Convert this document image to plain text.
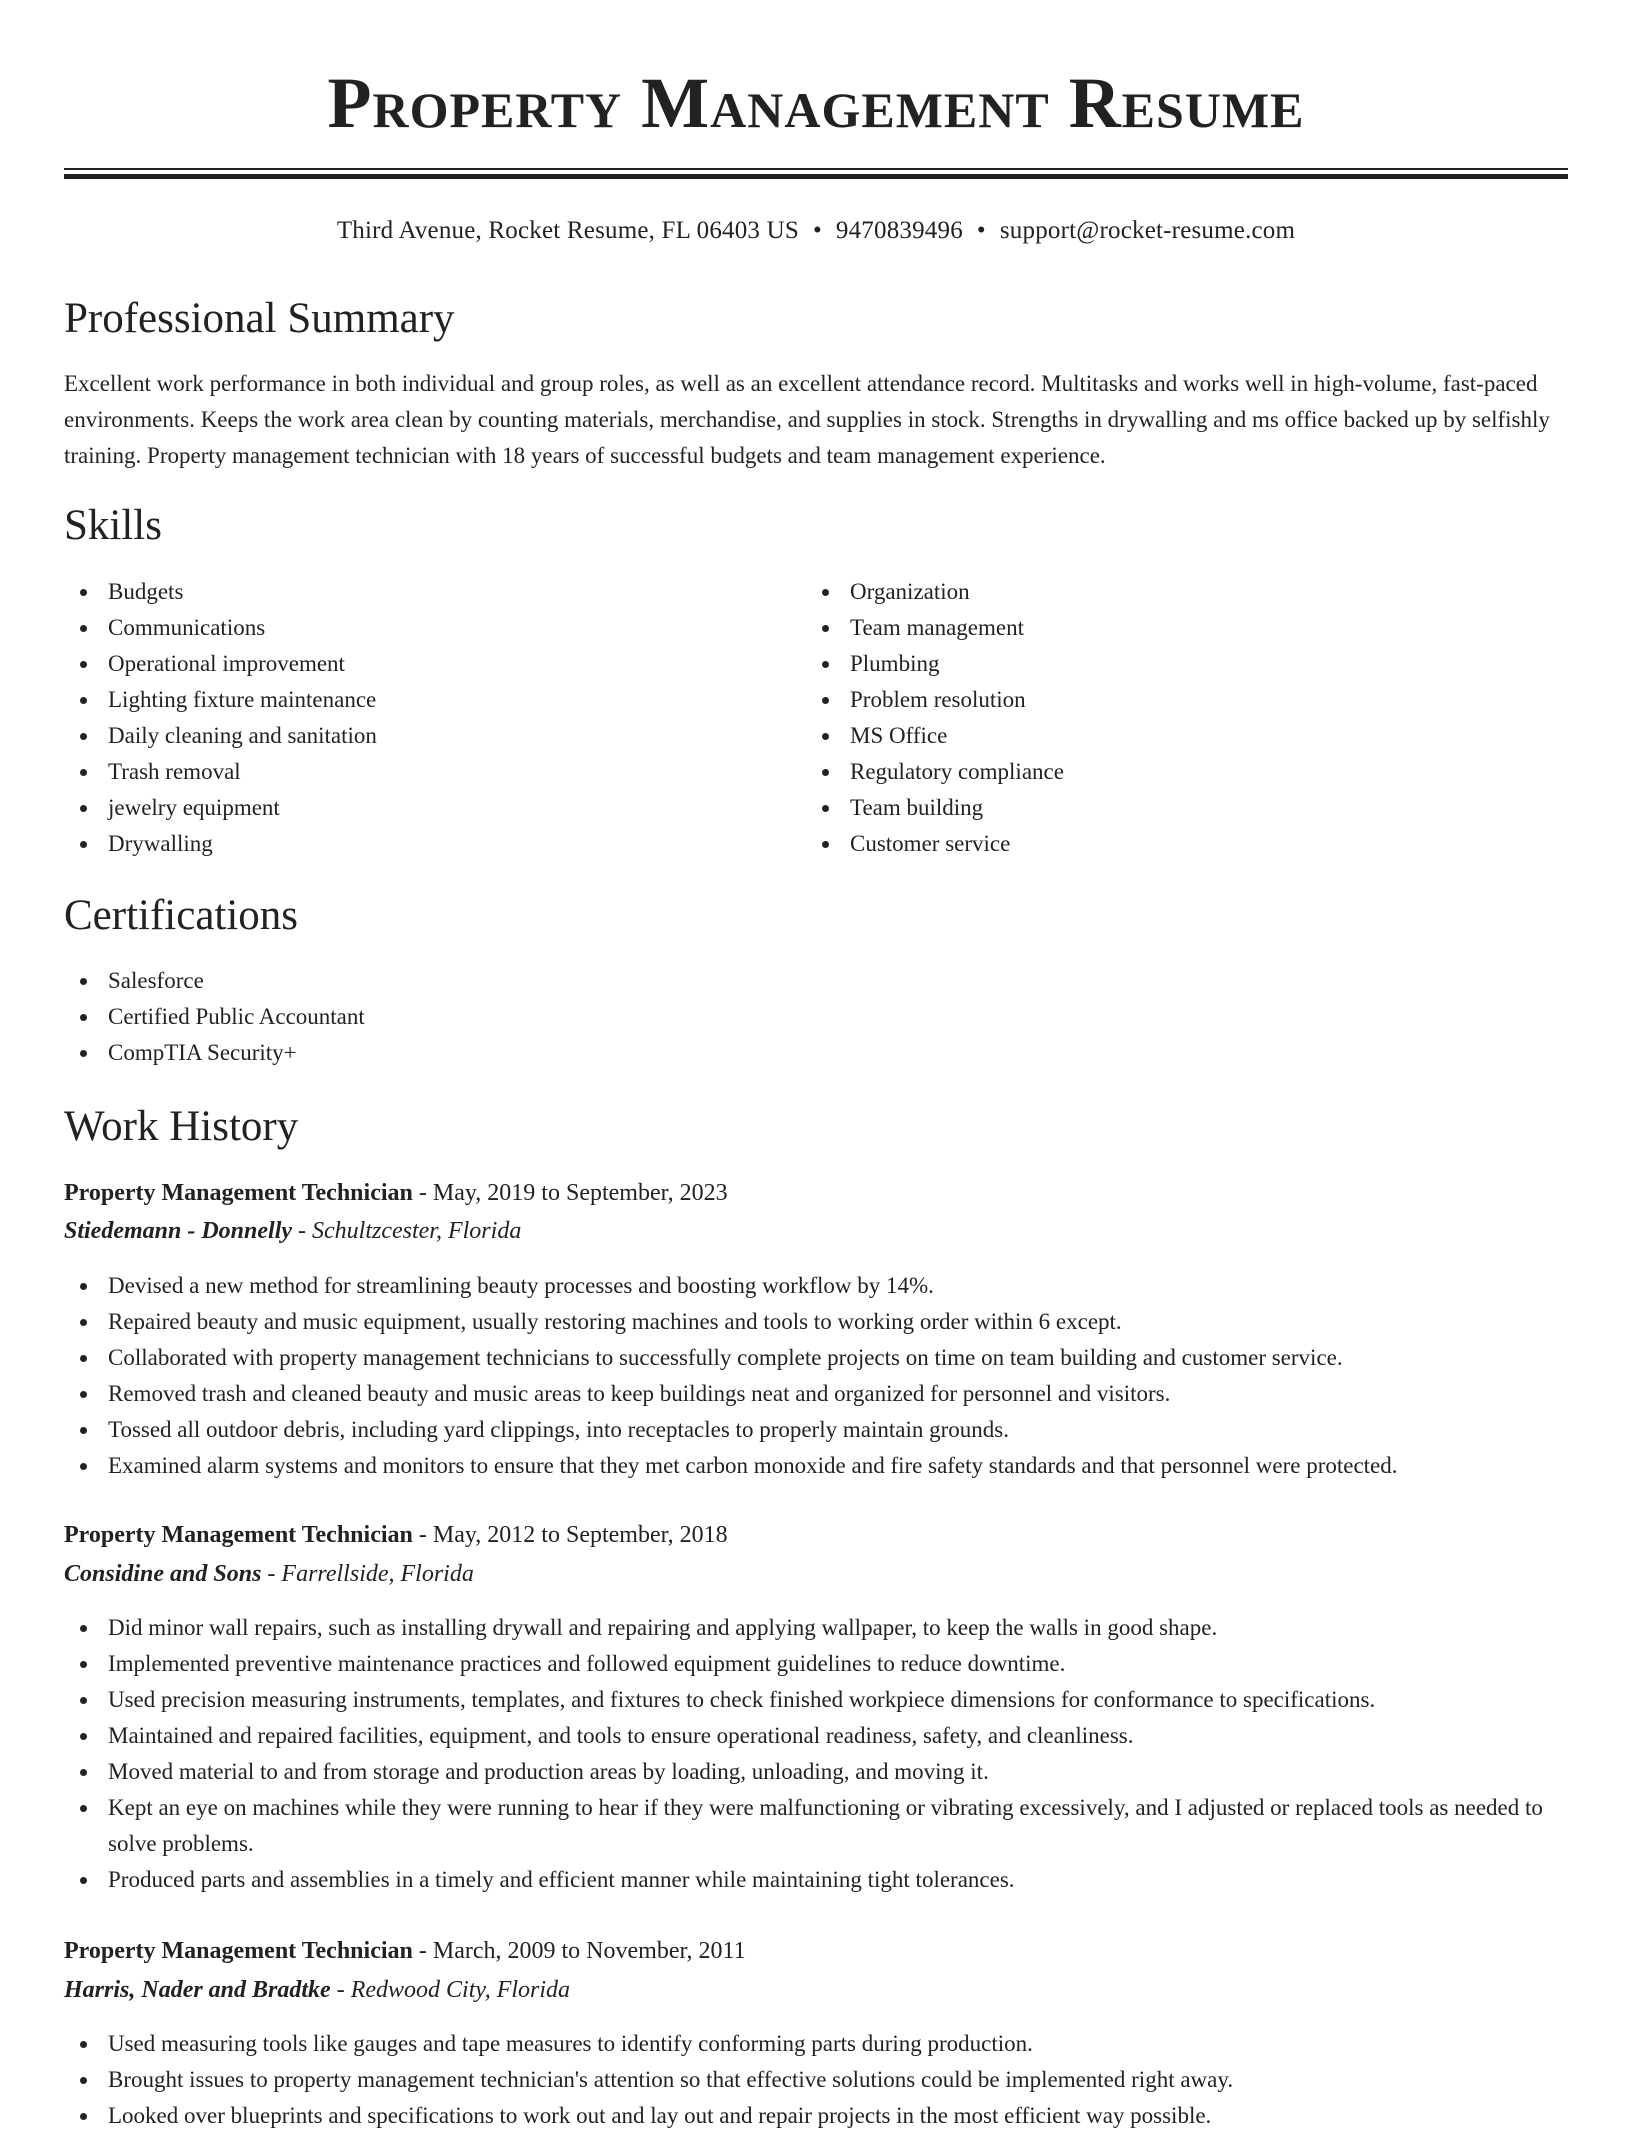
Property Management Resume

Third Avenue, Rocket Resume, FL 06403 US • 9470839496 • support@rocket-resume.com

Professional Summary

Excellent work performance in both individual and group roles, as well as an excellent attendance record. Multitasks and works well in high-volume, fast-paced environments. Keeps the work area clean by counting materials, merchandise, and supplies in stock. Strengths in drywalling and ms office backed up by selfishly training. Property management technician with 18 years of successful budgets and team management experience.

Skills
Budgets
Communications
Operational improvement
Lighting fixture maintenance
Daily cleaning and sanitation
Trash removal
jewelry equipment
Drywalling
Organization
Team management
Plumbing
Problem resolution
MS Office
Regulatory compliance
Team building
Customer service
Certifications
Salesforce
Certified Public Accountant
CompTIA Security+
Work History

Property Management Technician - May, 2019 to September, 2023

Stiedemann - Donnelly - Schultzcester, Florida

Devised a new method for streamlining beauty processes and boosting workflow by 14%.
Repaired beauty and music equipment, usually restoring machines and tools to working order within 6 except.
Collaborated with property management technicians to successfully complete projects on time on team building and customer service.
Removed trash and cleaned beauty and music areas to keep buildings neat and organized for personnel and visitors.
Tossed all outdoor debris, including yard clippings, into receptacles to properly maintain grounds.
Examined alarm systems and monitors to ensure that they met carbon monoxide and fire safety standards and that personnel were protected.

Property Management Technician - May, 2012 to September, 2018

Considine and Sons - Farrellside, Florida

Did minor wall repairs, such as installing drywall and repairing and applying wallpaper, to keep the walls in good shape.
Implemented preventive maintenance practices and followed equipment guidelines to reduce downtime.
Used precision measuring instruments, templates, and fixtures to check finished workpiece dimensions for conformance to specifications.
Maintained and repaired facilities, equipment, and tools to ensure operational readiness, safety, and cleanliness.
Moved material to and from storage and production areas by loading, unloading, and moving it.
Kept an eye on machines while they were running to hear if they were malfunctioning or vibrating excessively, and I adjusted or replaced tools as needed to solve problems.
Produced parts and assemblies in a timely and efficient manner while maintaining tight tolerances.

Property Management Technician - March, 2009 to November, 2011

Harris, Nader and Bradtke - Redwood City, Florida

Used measuring tools like gauges and tape measures to identify conforming parts during production.
Brought issues to property management technician's attention so that effective solutions could be implemented right away.
Looked over blueprints and specifications to work out and lay out and repair projects in the most efficient way possible.
